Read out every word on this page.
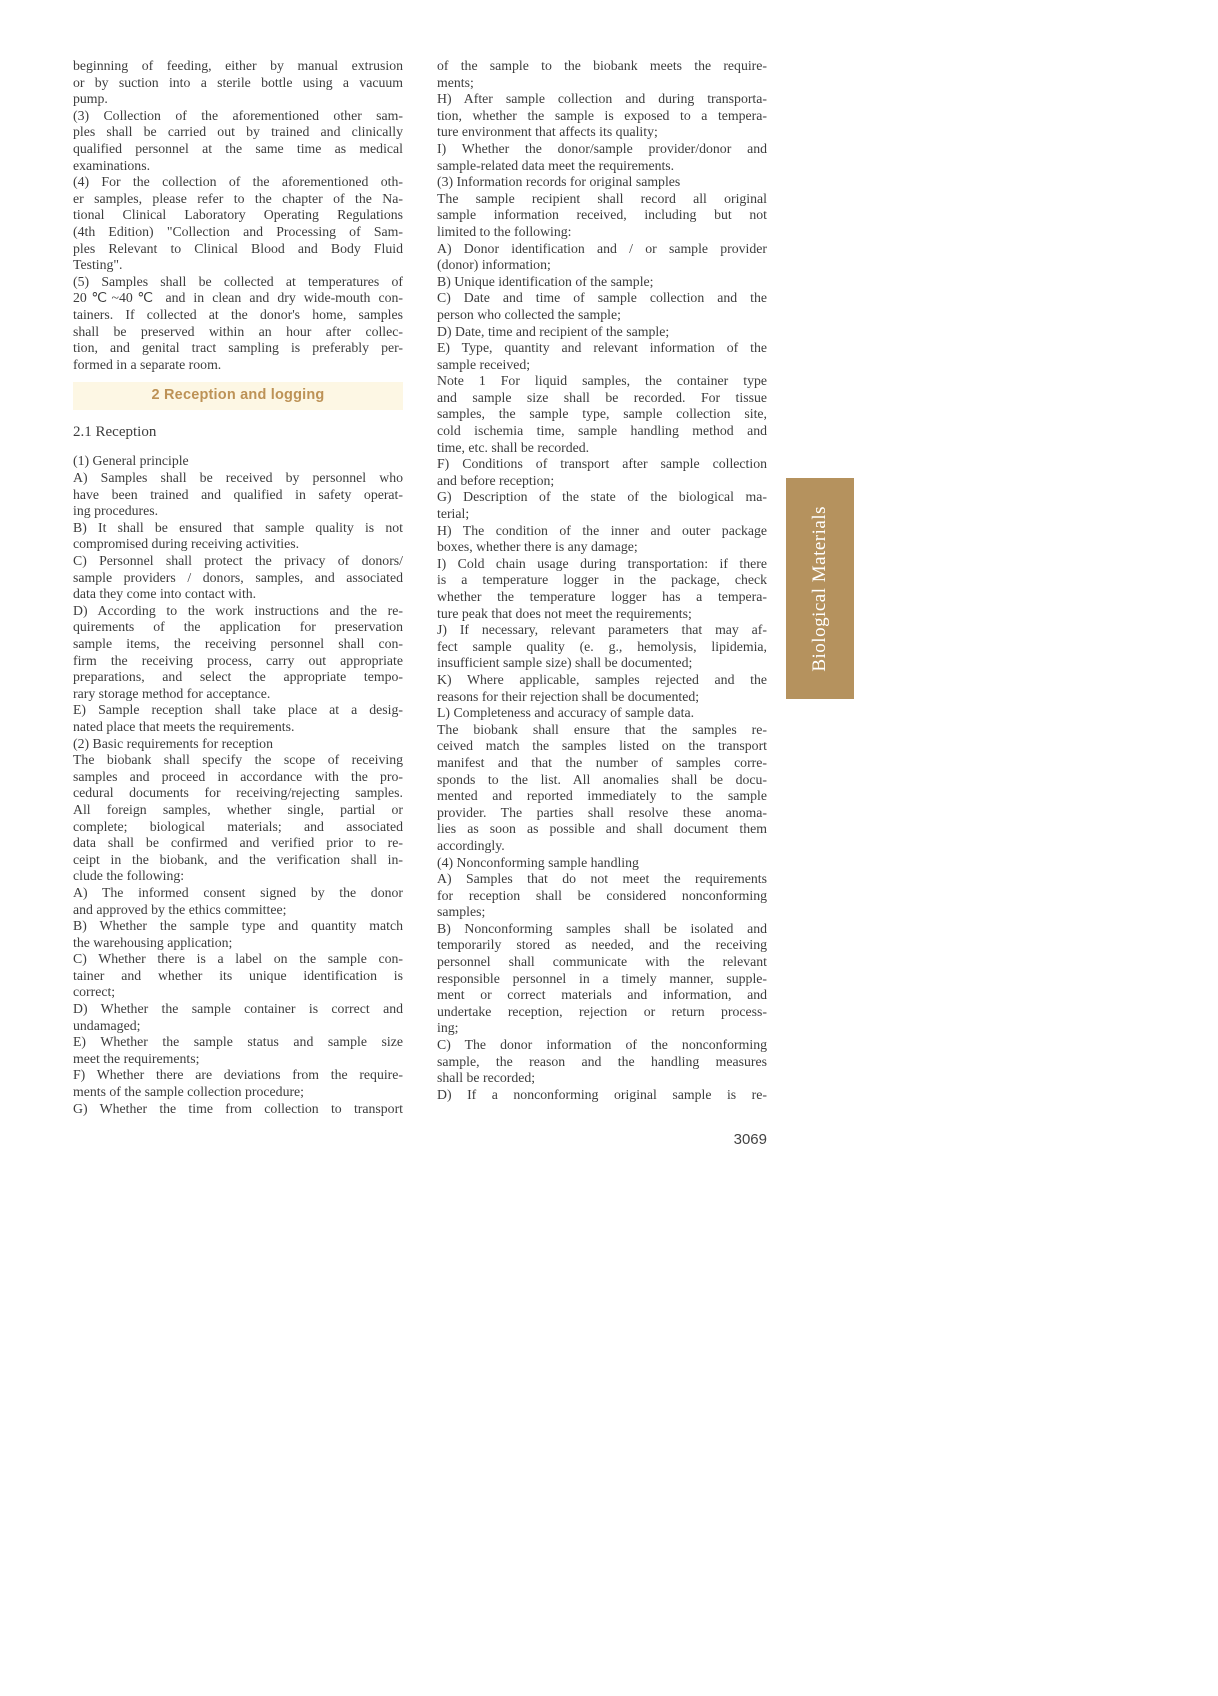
beginning of feeding, either by manual extrusion
or by suction into a sterile bottle using a vacuum
pump.
(3) Collection of the aforementioned other sam-
ples shall be carried out by trained and clinically
qualified personnel at the same time as medical
examinations.
(4) For the collection of the aforementioned oth-
er samples, please refer to the chapter of the Na-
tional Clinical Laboratory Operating Regulations
(4th Edition) "Collection and Processing of Sam-
ples Relevant to Clinical Blood and Body Fluid
Testing".
(5) Samples shall be collected at temperatures of
20℃~40℃ and in clean and dry wide-mouth con-
tainers. If collected at the donor's home, samples
shall be preserved within an hour after collec-
tion, and genital tract sampling is preferably per-
formed in a separate room.
2 Reception and logging
2.1 Reception
(1) General principle
A) Samples shall be received by personnel who
have been trained and qualified in safety operat-
ing procedures.
B) It shall be ensured that sample quality is not
compromised during receiving activities.
C) Personnel shall protect the privacy of donors/
sample providers / donors, samples, and associated
data they come into contact with.
D) According to the work instructions and the re-
quirements of the application for preservation
sample items, the receiving personnel shall con-
firm the receiving process, carry out appropriate
preparations, and select the appropriate tempo-
rary storage method for acceptance.
E) Sample reception shall take place at a desig-
nated place that meets the requirements.
(2) Basic requirements for reception
The biobank shall specify the scope of receiving
samples and proceed in accordance with the pro-
cedural documents for receiving/rejecting samples.
All foreign samples, whether single, partial or
complete; biological materials; and associated
data shall be confirmed and verified prior to re-
ceipt in the biobank, and the verification shall in-
clude the following:
A) The informed consent signed by the donor
and approved by the ethics committee;
B) Whether the sample type and quantity match
the warehousing application;
C) Whether there is a label on the sample con-
tainer and whether its unique identification is
correct;
D) Whether the sample container is correct and
undamaged;
E) Whether the sample status and sample size
meet the requirements;
F) Whether there are deviations from the require-
ments of the sample collection procedure;
G) Whether the time from collection to transport
of the sample to the biobank meets the require-
ments;
H) After sample collection and during transporta-
tion, whether the sample is exposed to a tempera-
ture environment that affects its quality;
I) Whether the donor/sample provider/donor and
sample-related data meet the requirements.
(3) Information records for original samples
The sample recipient shall record all original
sample information received, including but not
limited to the following:
A) Donor identification and / or sample provider
(donor) information;
B) Unique identification of the sample;
C) Date and time of sample collection and the
person who collected the sample;
D) Date, time and recipient of the sample;
E) Type, quantity and relevant information of the
sample received;
Note 1 For liquid samples, the container type
and sample size shall be recorded. For tissue
samples, the sample type, sample collection site,
cold ischemia time, sample handling method and
time, etc. shall be recorded.
F) Conditions of transport after sample collection
and before reception;
G) Description of the state of the biological ma-
terial;
H) The condition of the inner and outer package
boxes, whether there is any damage;
I) Cold chain usage during transportation: if there
is a temperature logger in the package, check
whether the temperature logger has a tempera-
ture peak that does not meet the requirements;
J) If necessary, relevant parameters that may af-
fect sample quality (e. g., hemolysis, lipidemia,
insufficient sample size) shall be documented;
K) Where applicable, samples rejected and the
reasons for their rejection shall be documented;
L) Completeness and accuracy of sample data.
The biobank shall ensure that the samples re-
ceived match the samples listed on the transport
manifest and that the number of samples corre-
sponds to the list. All anomalies shall be docu-
mented and reported immediately to the sample
provider. The parties shall resolve these anoma-
lies as soon as possible and shall document them
accordingly.
(4) Nonconforming sample handling
A) Samples that do not meet the requirements
for reception shall be considered nonconforming
samples;
B) Nonconforming samples shall be isolated and
temporarily stored as needed, and the receiving
personnel shall communicate with the relevant
responsible personnel in a timely manner, supple-
ment or correct materials and information, and
undertake reception, rejection or return process-
ing;
C) The donor information of the nonconforming
sample, the reason and the handling measures
shall be recorded;
D) If a nonconforming original sample is re-
3069
Biological Materials
